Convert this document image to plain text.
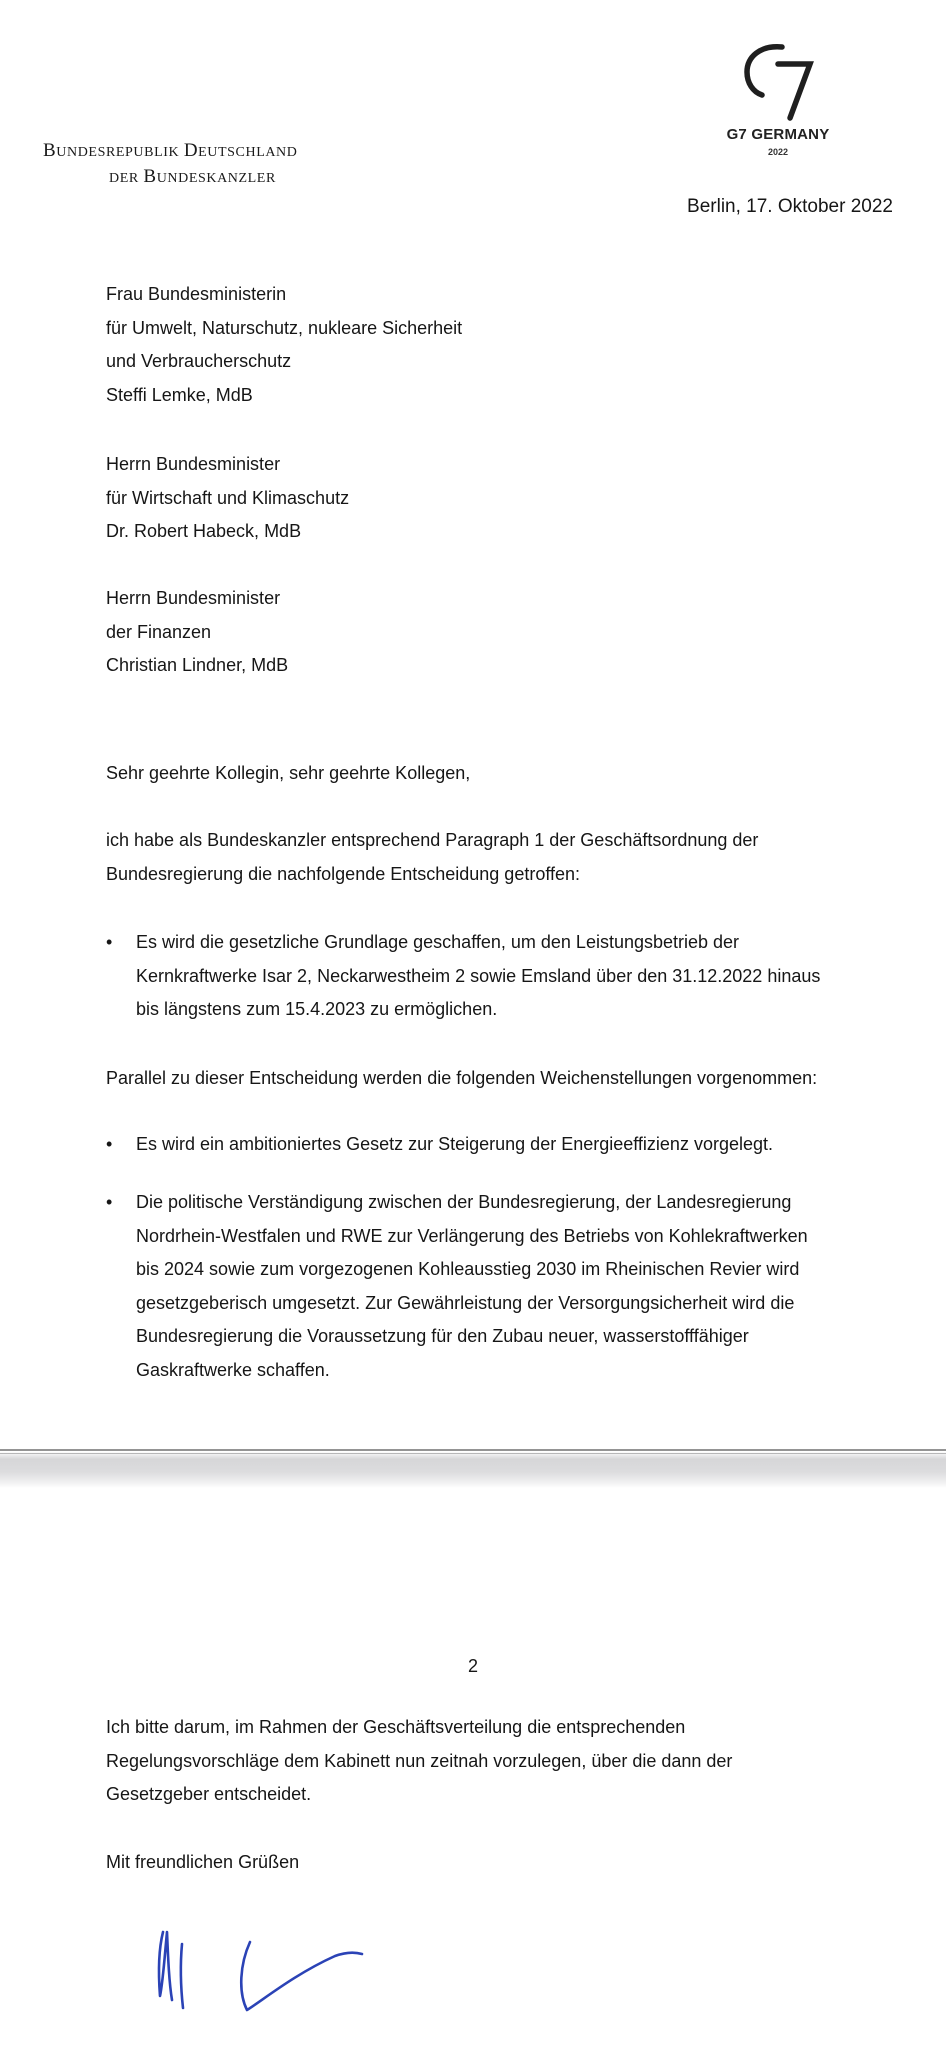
BUNDESREPUBLIK DEUTSCHLAND
DER BUNDESKANZLER
G7 GERMANY
2022
Berlin, 17. Oktober 2022
Frau Bundesministerin
für Umwelt, Naturschutz, nukleare Sicherheit
und Verbraucherschutz
Steffi Lemke, MdB
Herrn Bundesminister
für Wirtschaft und Klimaschutz
Dr. Robert Habeck, MdB
Herrn Bundesminister
der Finanzen
Christian Lindner, MdB
Sehr geehrte Kollegin, sehr geehrte Kollegen,
ich habe als Bundeskanzler entsprechend Paragraph 1 der Geschäftsordnung der
Bundesregierung die nachfolgende Entscheidung getroffen:
•	Es wird die gesetzliche Grundlage geschaffen, um den Leistungsbetrieb der
Kernkraftwerke Isar 2, Neckarwestheim 2 sowie Emsland über den 31.12.2022 hinaus
bis längstens zum 15.4.2023 zu ermöglichen.
Parallel zu dieser Entscheidung werden die folgenden Weichenstellungen vorgenommen:
•	Es wird ein ambitioniertes Gesetz zur Steigerung der Energieeffizienz vorgelegt.
•	Die politische Verständigung zwischen der Bundesregierung, der Landesregierung
Nordrhein-Westfalen und RWE zur Verlängerung des Betriebs von Kohlekraftwerken
bis 2024 sowie zum vorgezogenen Kohleausstieg 2030 im Rheinischen Revier wird
gesetzgeberisch umgesetzt. Zur Gewährleistung der Versorgungsicherheit wird die
Bundesregierung die Voraussetzung für den Zubau neuer, wasserstofffähiger
Gaskraftwerke schaffen.
2
Ich bitte darum, im Rahmen der Geschäftsverteilung die entsprechenden
Regelungsvorschläge dem Kabinett nun zeitnah vorzulegen, über die dann der
Gesetzgeber entscheidet.
Mit freundlichen Grüßen
